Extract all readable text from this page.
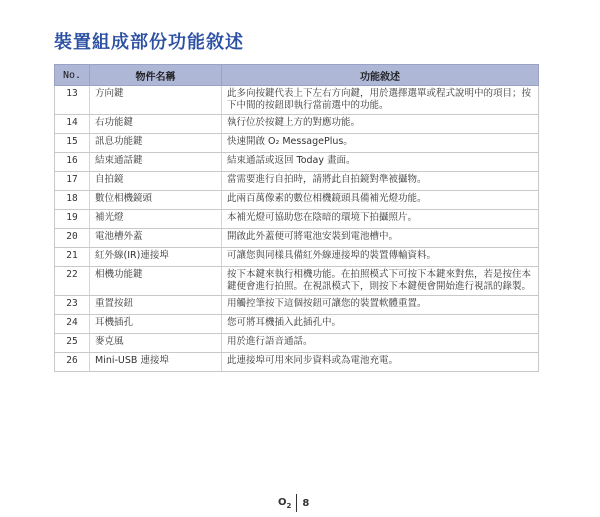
裝置組成部份功能敘述
No.	物件名稱	功能敘述
13	方向鍵	此多向按鍵代表上下左右方向鍵，用於選擇選單或程式說明中的項目；按下中間的按鈕即執行當前選中的功能。
14	右功能鍵	執行位於按鍵上方的對應功能。
15	訊息功能鍵	快速開啟 O₂ MessagePlus。
16	結束通話鍵	結束通話或返回 Today 畫面。
17	自拍鏡	當需要進行自拍時，請將此自拍鏡對準被攝物。
18	數位相機鏡頭	此兩百萬像素的數位相機鏡頭具備補光燈功能。
19	補光燈	本補光燈可協助您在陰暗的環境下拍攝照片。
20	電池槽外蓋	開啟此外蓋便可將電池安裝到電池槽中。
21	紅外線(IR)連接埠	可讓您與同樣具備紅外線連接埠的裝置傳輸資料。
22	相機功能鍵	按下本鍵來執行相機功能。在拍照模式下可按下本鍵來對焦，若是按住本鍵便會進行拍照。在視訊模式下，則按下本鍵便會開始進行視訊的錄製。
23	重置按鈕	用觸控筆按下這個按鈕可讓您的裝置軟體重置。
24	耳機插孔	您可將耳機插入此插孔中。
25	麥克風	用於進行語音通話。
26	Mini-USB 連接埠	此連接埠可用來同步資料或為電池充電。
$O_2$ 8
